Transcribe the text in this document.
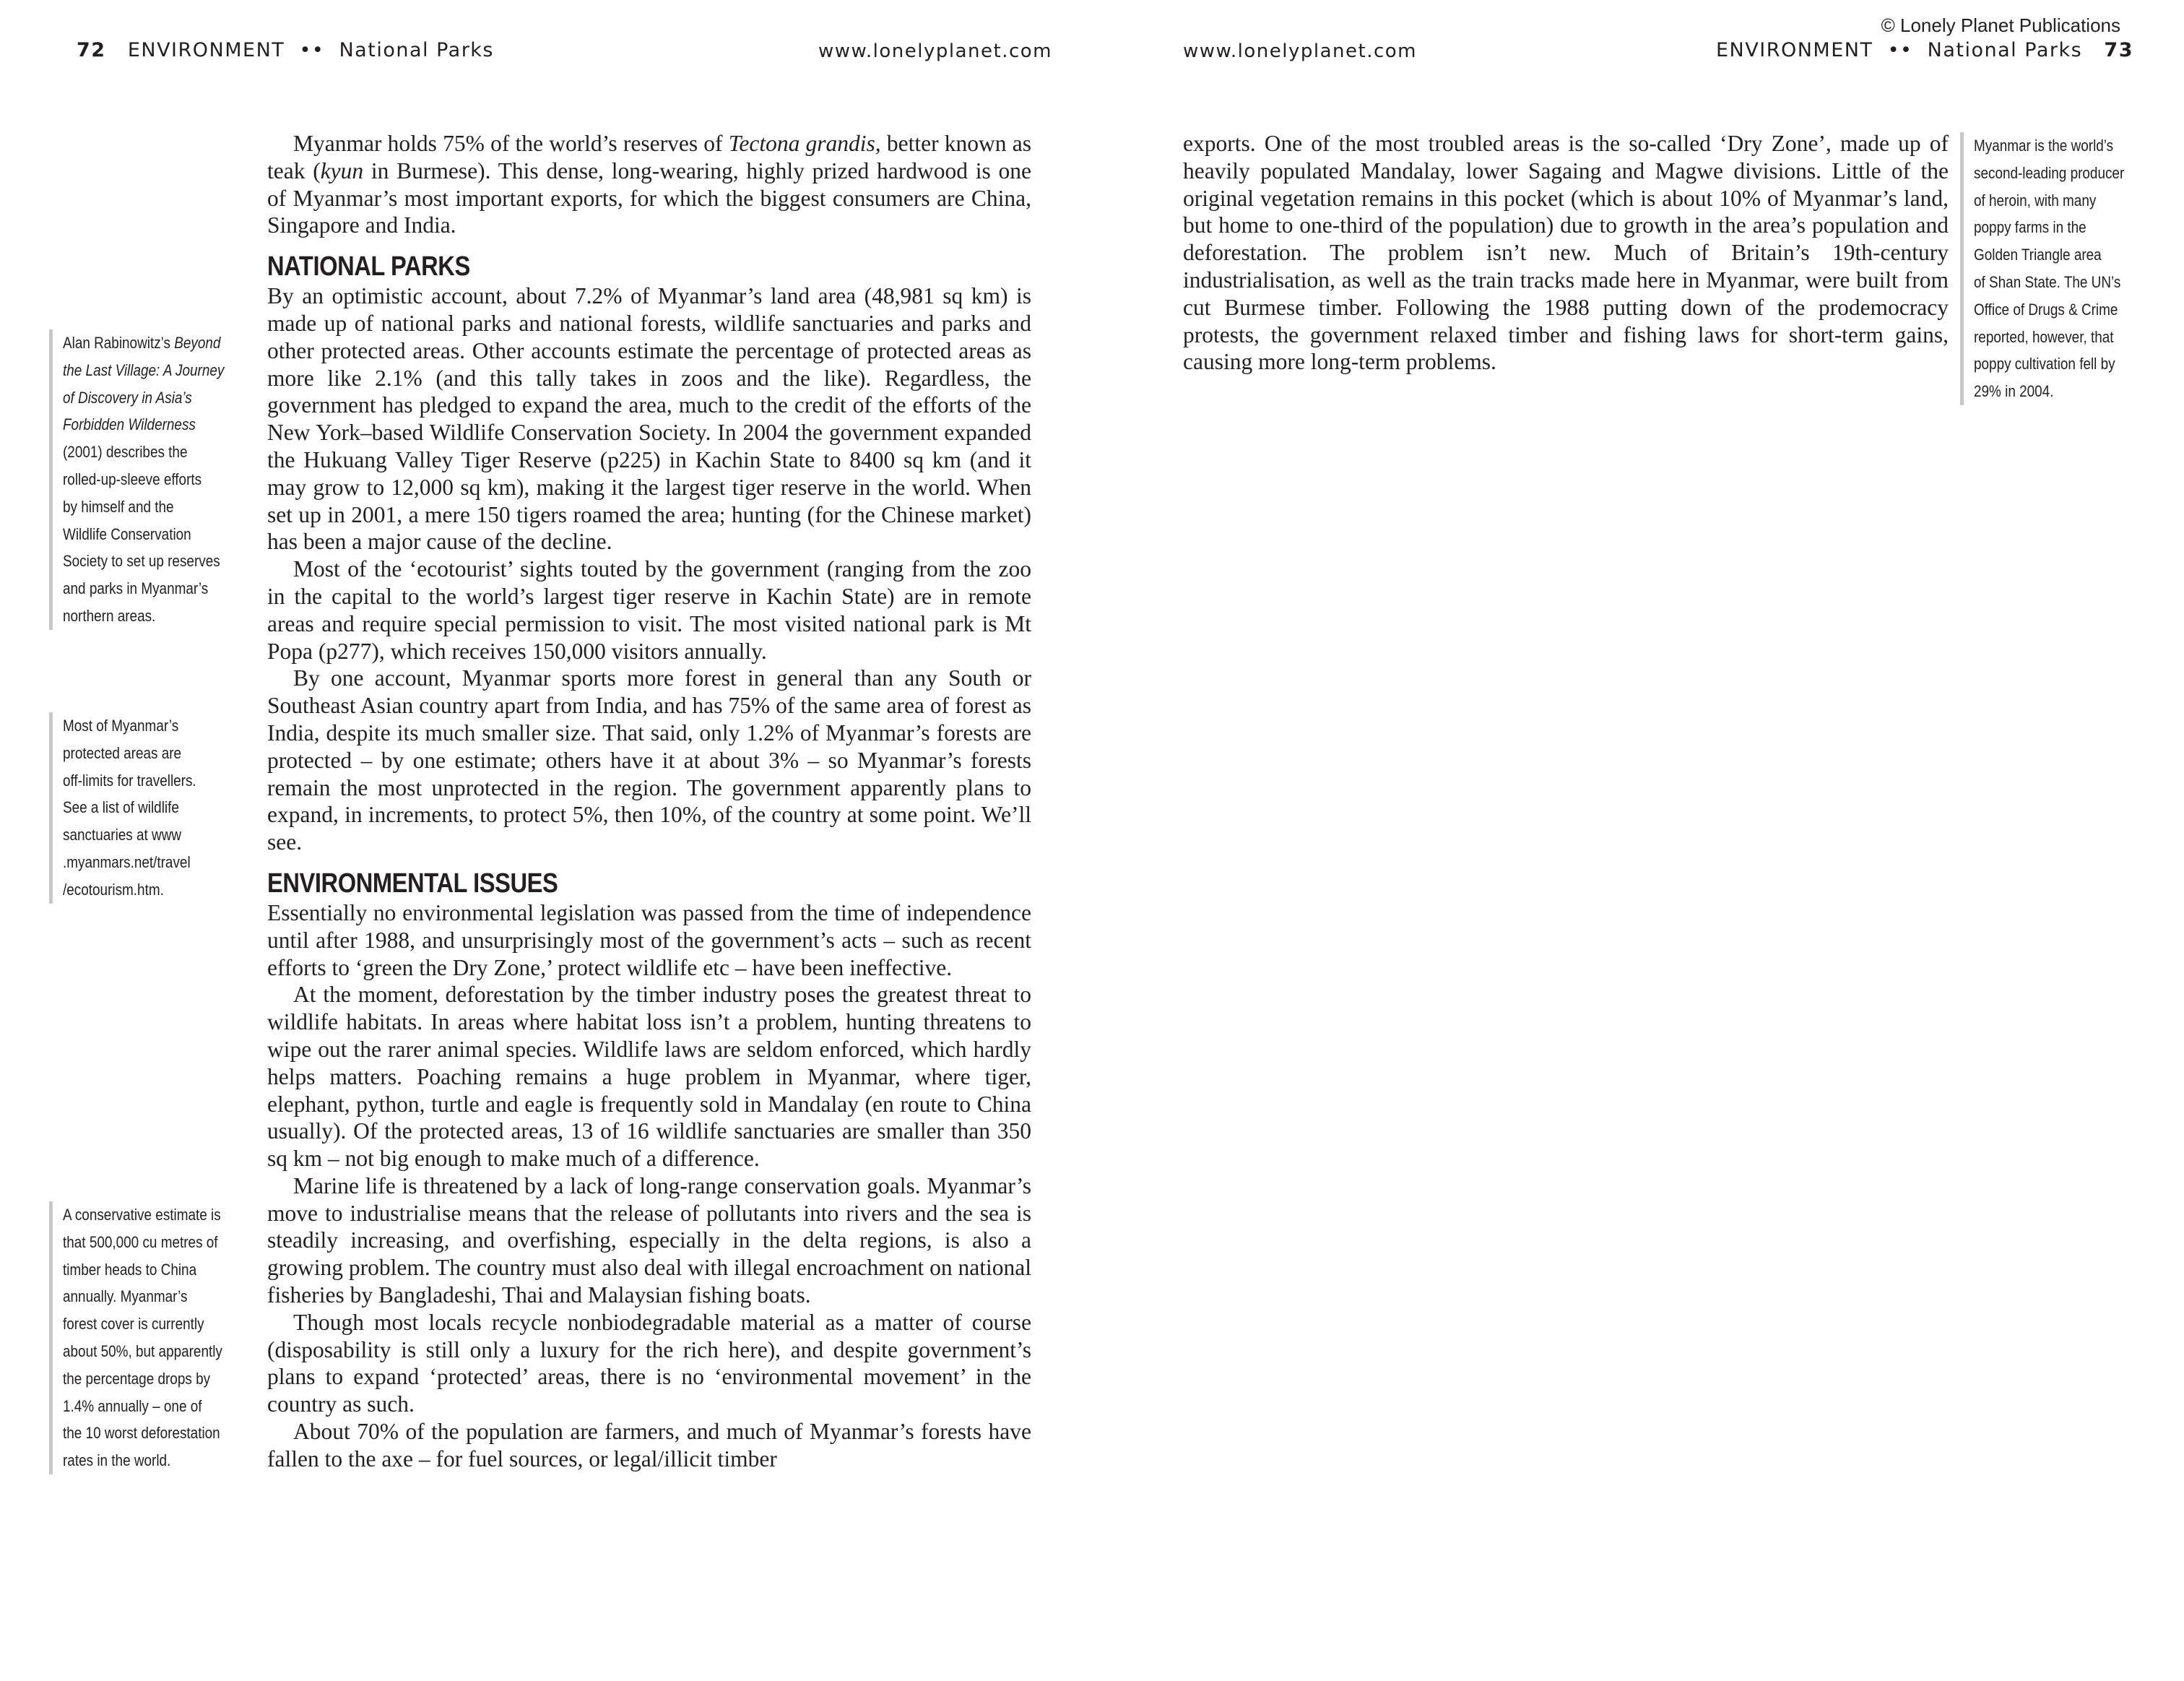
72 ENVIRONMENT •• National Parks	www.lonelyplanet.com
© Lonely Planet Publications
www.lonelyplanet.com	ENVIRONMENT •• National Parks 73
Alan Rabinowitz’s Beyond
the Last Village: A Journey
of Discovery in Asia’s
Forbidden Wilderness
(2001) describes the
rolled-up-sleeve efforts
by himself and the
Wildlife Conservation
Society to set up reserves
and parks in Myanmar’s
northern areas.
Most of Myanmar’s
protected areas are
off-limits for travellers.
See a list of wildlife
sanctuaries at www
.myanmars.net/travel
/ecotourism.htm.
A conservative estimate is
that 500,000 cu metres of
timber heads to China
annually. Myanmar’s
forest cover is currently
about 50%, but apparently
the percentage drops by
1.4% annually – one of
the 10 worst deforestation
rates in the world.
Myanmar is the world’s
second-leading producer
of heroin, with many
poppy farms in the
Golden Triangle area
of Shan State. The UN’s
Office of Drugs & Crime
reported, however, that
poppy cultivation fell by
29% in 2004.

Myanmar holds 75% of the world’s reserves of Tectona grandis, better known as teak (kyun in Burmese). This dense, long-wearing, highly prized hardwood is one of Myanmar’s most important exports, for which the biggest consumers are China, Singapore and India.

NATIONAL PARKS

By an optimistic account, about 7.2% of Myanmar’s land area (48,981 sq km) is made up of national parks and national forests, wildlife sanctuaries and parks and other protected areas. Other accounts estimate the percentage of protected areas as more like 2.1% (and this tally takes in zoos and the like). Regardless, the government has pledged to expand the area, much to the credit of the efforts of the New York–based Wildlife Conservation Society. In 2004 the government expanded the Hukuang Valley Tiger Reserve (p225) in Kachin State to 8400 sq km (and it may grow to 12,000 sq km), making it the largest tiger reserve in the world. When set up in 2001, a mere 150 tigers roamed the area; hunting (for the Chinese market) has been a major cause of the decline.

Most of the ‘ecotourist’ sights touted by the government (ranging from the zoo in the capital to the world’s largest tiger reserve in Kachin State) are in remote areas and require special permission to visit. The most visited national park is Mt Popa (p277), which receives 150,000 visitors annually.

By one account, Myanmar sports more forest in general than any South or Southeast Asian country apart from India, and has 75% of the same area of forest as India, despite its much smaller size. That said, only 1.2% of Myanmar’s forests are protected – by one estimate; others have it at about 3% – so Myanmar’s forests remain the most unprotected in the region. The government apparently plans to expand, in increments, to protect 5%, then 10%, of the country at some point. We’ll see.

ENVIRONMENTAL ISSUES

Essentially no environmental legislation was passed from the time of independence until after 1988, and unsurprisingly most of the government’s acts – such as recent efforts to ‘green the Dry Zone,’ protect wildlife etc – have been ineffective.

At the moment, deforestation by the timber industry poses the greatest threat to wildlife habitats. In areas where habitat loss isn’t a problem, hunting threatens to wipe out the rarer animal species. Wildlife laws are seldom enforced, which hardly helps matters. Poaching remains a huge problem in Myanmar, where tiger, elephant, python, turtle and eagle is frequently sold in Mandalay (en route to China usually). Of the protected areas, 13 of 16 wildlife sanctuaries are smaller than 350 sq km – not big enough to make much of a difference.

Marine life is threatened by a lack of long-range conservation goals. Myanmar’s move to industrialise means that the release of pollutants into rivers and the sea is steadily increasing, and overfishing, especially in the delta regions, is also a growing problem. The country must also deal with illegal encroachment on national fisheries by Bangladeshi, Thai and Malaysian fishing boats.

Though most locals recycle nonbiodegradable material as a matter of course (disposability is still only a luxury for the rich here), and despite government’s plans to expand ‘protected’ areas, there is no ‘environmental movement’ in the country as such.

About 70% of the population are farmers, and much of Myanmar’s forests have fallen to the axe – for fuel sources, or legal/illicit timber

exports. One of the most troubled areas is the so-called ‘Dry Zone’, made up of heavily populated Mandalay, lower Sagaing and Magwe divisions. Little of the original vegetation remains in this pocket (which is about 10% of Myanmar’s land, but home to one-third of the population) due to growth in the area’s population and deforestation. The problem isn’t new. Much of Britain’s 19th-century industrialisation, as well as the train tracks made here in Myanmar, were built from cut Burmese timber. Following the 1988 putting down of the prodemocracy protests, the government relaxed timber and fishing laws for short-term gains, causing more long-term problems.
